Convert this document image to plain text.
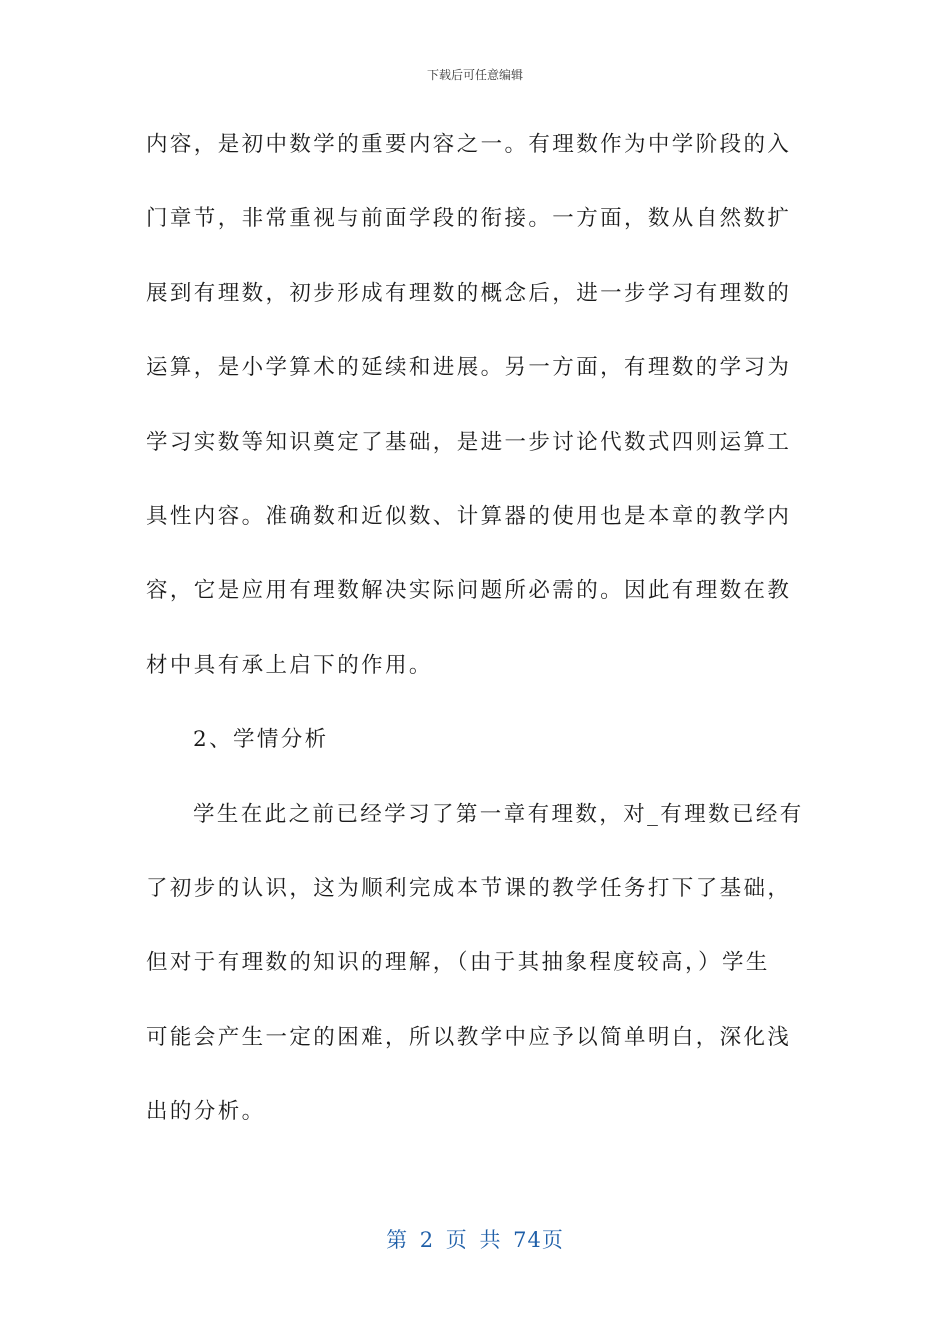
下载后可任意编辑
内容，是初中数学的重要内容之一。有理数作为中学阶段的入
门章节，非常重视与前面学段的衔接。一方面，数从自然数扩
展到有理数，初步形成有理数的概念后，进一步学习有理数的
运算，是小学算术的延续和进展。另一方面，有理数的学习为
学习实数等知识奠定了基础，是进一步讨论代数式四则运算工
具性内容。准确数和近似数、计算器的使用也是本章的教学内
容，它是应用有理数解决实际问题所必需的。因此有理数在教
材中具有承上启下的作用。
2、学情分析
学生在此之前已经学习了第一章有理数，对_有理数已经有
了初步的认识，这为顺利完成本节课的教学任务打下了基础，
但对于有理数的知识的理解，（由于其抽象程度较高，）学生
可能会产生一定的困难，所以教学中应予以简单明白，深化浅
出的分析。
第 2 页 共 74页
